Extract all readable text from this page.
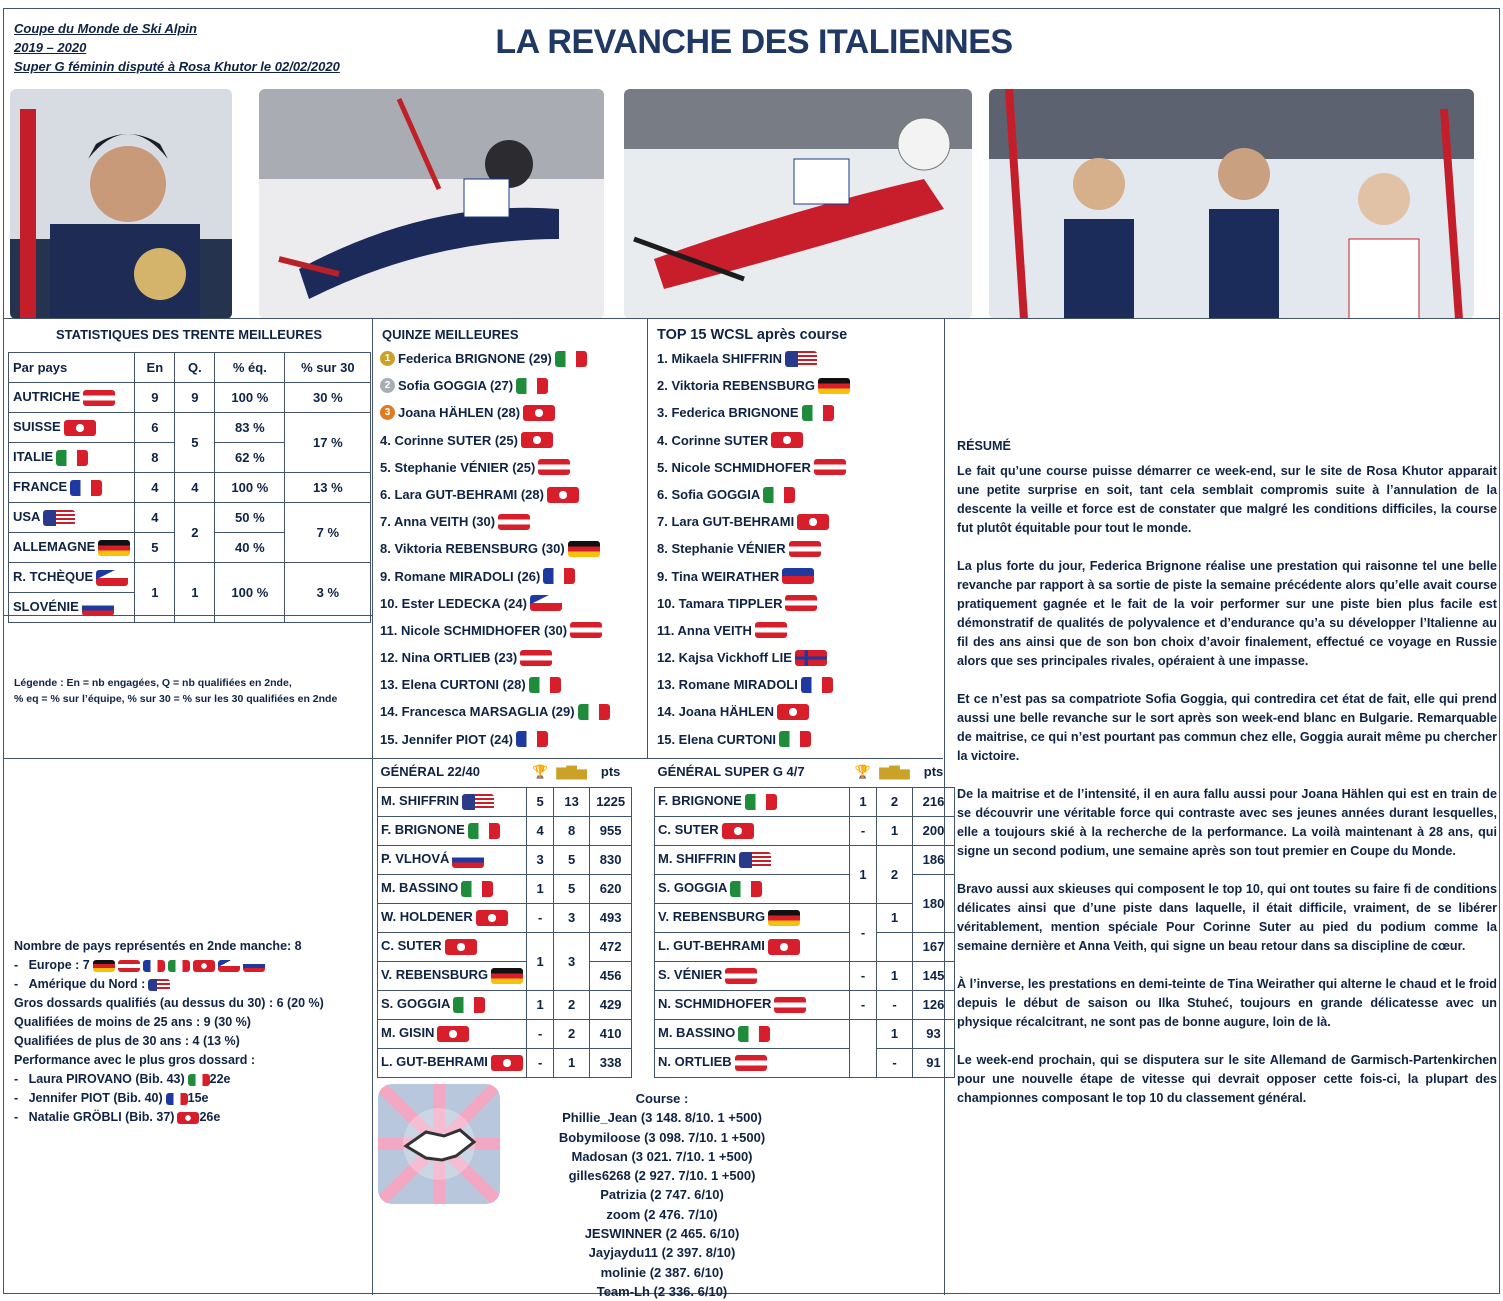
Coupe du Monde de Ski Alpin
2019 – 2020
Super G féminin disputé à Rosa Khutor le 02/02/2020
LA REVANCHE DES ITALIENNES
STATISTIQUES DES TRENTE MEILLEURES
Par pays	En	Q.	% éq.	% sur 30
AUTRICHE	9	9	100 %	30 %
SUISSE	6	5	83 %	17 %
ITALIE	8		62 %	
FRANCE	4	4	100 %	13 %
USA	4	2	50 %	7 %
ALLEMAGNE	5		40 %	
R. TCHÈQUE	1	1	100 %	3 %
SLOVÉNIE				
Légende : En = nb engagées, Q = nb qualifiées en 2nde,
% eq = % sur l’équipe, % sur 30 = % sur les 30 qualifiées en 2nde
QUINZE MEILLEURES
1 Federica BRIGNONE (29)
2 Sofia GOGGIA (27)
3 Joana HÄHLEN (28)
4. Corinne SUTER (25)
5. Stephanie VÉNIER (25)
6. Lara GUT-BEHRAMI (28)
7. Anna VEITH (30)
8. Viktoria REBENSBURG (30)
9. Romane MIRADOLI (26)
10. Ester LEDECKA (24)
11. Nicole SCHMIDHOFER (30)
12. Nina ORTLIEB (23)
13. Elena CURTONI (28)
14. Francesca MARSAGLIA (29)
15. Jennifer PIOT (24)
TOP 15 WCSL après course
1. Mikaela SHIFFRIN
2. Viktoria REBENSBURG
3. Federica BRIGNONE
4. Corinne SUTER
5. Nicole SCHMIDHOFER
6. Sofia GOGGIA
7. Lara GUT-BEHRAMI
8. Stephanie VÉNIER
9. Tina WEIRATHER
10. Tamara TIPPLER
11. Anna VEITH
12. Kajsa Vickhoff LIE
13. Romane MIRADOLI
14. Joana HÄHLEN
15. Elena CURTONI
GÉNÉRAL 22/40	🏆	▆▇▅	pts
M. SHIFFRIN	5	13	1225
F. BRIGNONE	4	8	955
P. VLHOVÁ	3	5	830
M. BASSINO	1	5	620
W. HOLDENER	-	3	493
C. SUTER	1	3	472
V. REBENSBURG			456
S. GOGGIA	1	2	429
M. GISIN	-	2	410
L. GUT-BEHRAMI	-	1	338
GÉNÉRAL SUPER G 4/7	🏆	▆▇▅	pts
F. BRIGNONE	1	2	216
C. SUTER	-	1	200
M. SHIFFRIN	1	2	186
S. GOGGIA			180
V. REBENSBURG	-	1	
L. GUT-BEHRAMI			167
S. VÉNIER	-	1	145
N. SCHMIDHOFER	-	-	126
M. BASSINO		1	93
N. ORTLIEB		-	91
Nombre de pays représentés en 2nde manche: 8
-   Europe : 7
-   Amérique du Nord :
Gros dossards qualifiés (au dessus du 30) : 6 (20 %)
Qualifiées de moins de 25 ans : 9 (30 %)
Qualifiées de plus de 30 ans : 4 (13 %)
Performance avec le plus gros dossard :
-   Laura PIROVANO (Bib. 43) 22e
-   Jennifer PIOT (Bib. 40) 15e
-   Natalie GRÖBLI (Bib. 37) 26e
Course :
Phillie_Jean (3 148. 8/10. 1 +500)
Bobymiloose (3 098. 7/10. 1 +500)
Madosan (3 021. 7/10. 1 +500)
gilles6268 (2 927. 7/10. 1 +500)
Patrizia (2 747. 6/10)
zoom (2 476. 7/10)
JESWINNER (2 465. 6/10)
Jayjaydu11 (2 397. 8/10)
molinie (2 387. 6/10)
Team-Lh (2 336. 6/10)

RÉSUMÉ

Le fait qu’une course puisse démarrer ce week-end, sur le site de Rosa Khutor apparait une petite surprise en soit, tant cela semblait compromis suite à l’annulation de la descente la veille et force est de constater que malgré les conditions difficiles, la course fut plutôt équitable pour tout le monde.

La plus forte du jour, Federica Brignone réalise une prestation qui raisonne tel une belle revanche par rapport à sa sortie de piste la semaine précédente alors qu’elle avait course pratiquement gagnée et le fait de la voir performer sur une piste bien plus facile est démonstratif de qualités de polyvalence et d’endurance qu’a su développer l’Italienne au fil des ans ainsi que de son bon choix d’avoir finalement, effectué ce voyage en Russie alors que ses principales rivales, opéraient à une impasse.

Et ce n’est pas sa compatriote Sofia Goggia, qui contredira cet état de fait, elle qui prend aussi une belle revanche sur le sort après son week-end blanc en Bulgarie. Remarquable de maitrise, ce qui n’est pourtant pas commun chez elle, Goggia aurait même pu chercher la victoire.

De la maitrise et de l’intensité, il en aura fallu aussi pour Joana Hählen qui est en train de se découvrir une véritable force qui contraste avec ses jeunes années durant lesquelles, elle a toujours skié à la recherche de la performance. La voilà maintenant à 28 ans, qui signe un second podium, une semaine après son tout premier en Coupe du Monde.

Bravo aussi aux skieuses qui composent le top 10, qui ont toutes su faire fi de conditions délicates ainsi que d’une piste dans laquelle, il était difficile, vraiment, de se libérer véritablement, mention spéciale Pour Corinne Suter au pied du podium comme la semaine dernière et Anna Veith, qui signe un beau retour dans sa discipline de cœur.

À l’inverse, les prestations en demi-teinte de Tina Weirather qui alterne le chaud et le froid depuis le début de saison ou Ilka Stuheć, toujours en grande délicatesse avec un physique récalcitrant, ne sont pas de bonne augure, loin de là.

Le week-end prochain, qui se disputera sur le site Allemand de Garmisch-Partenkirchen pour une nouvelle étape de vitesse qui devrait opposer cette fois-ci, la plupart des championnes composant le top 10 du classement général.
